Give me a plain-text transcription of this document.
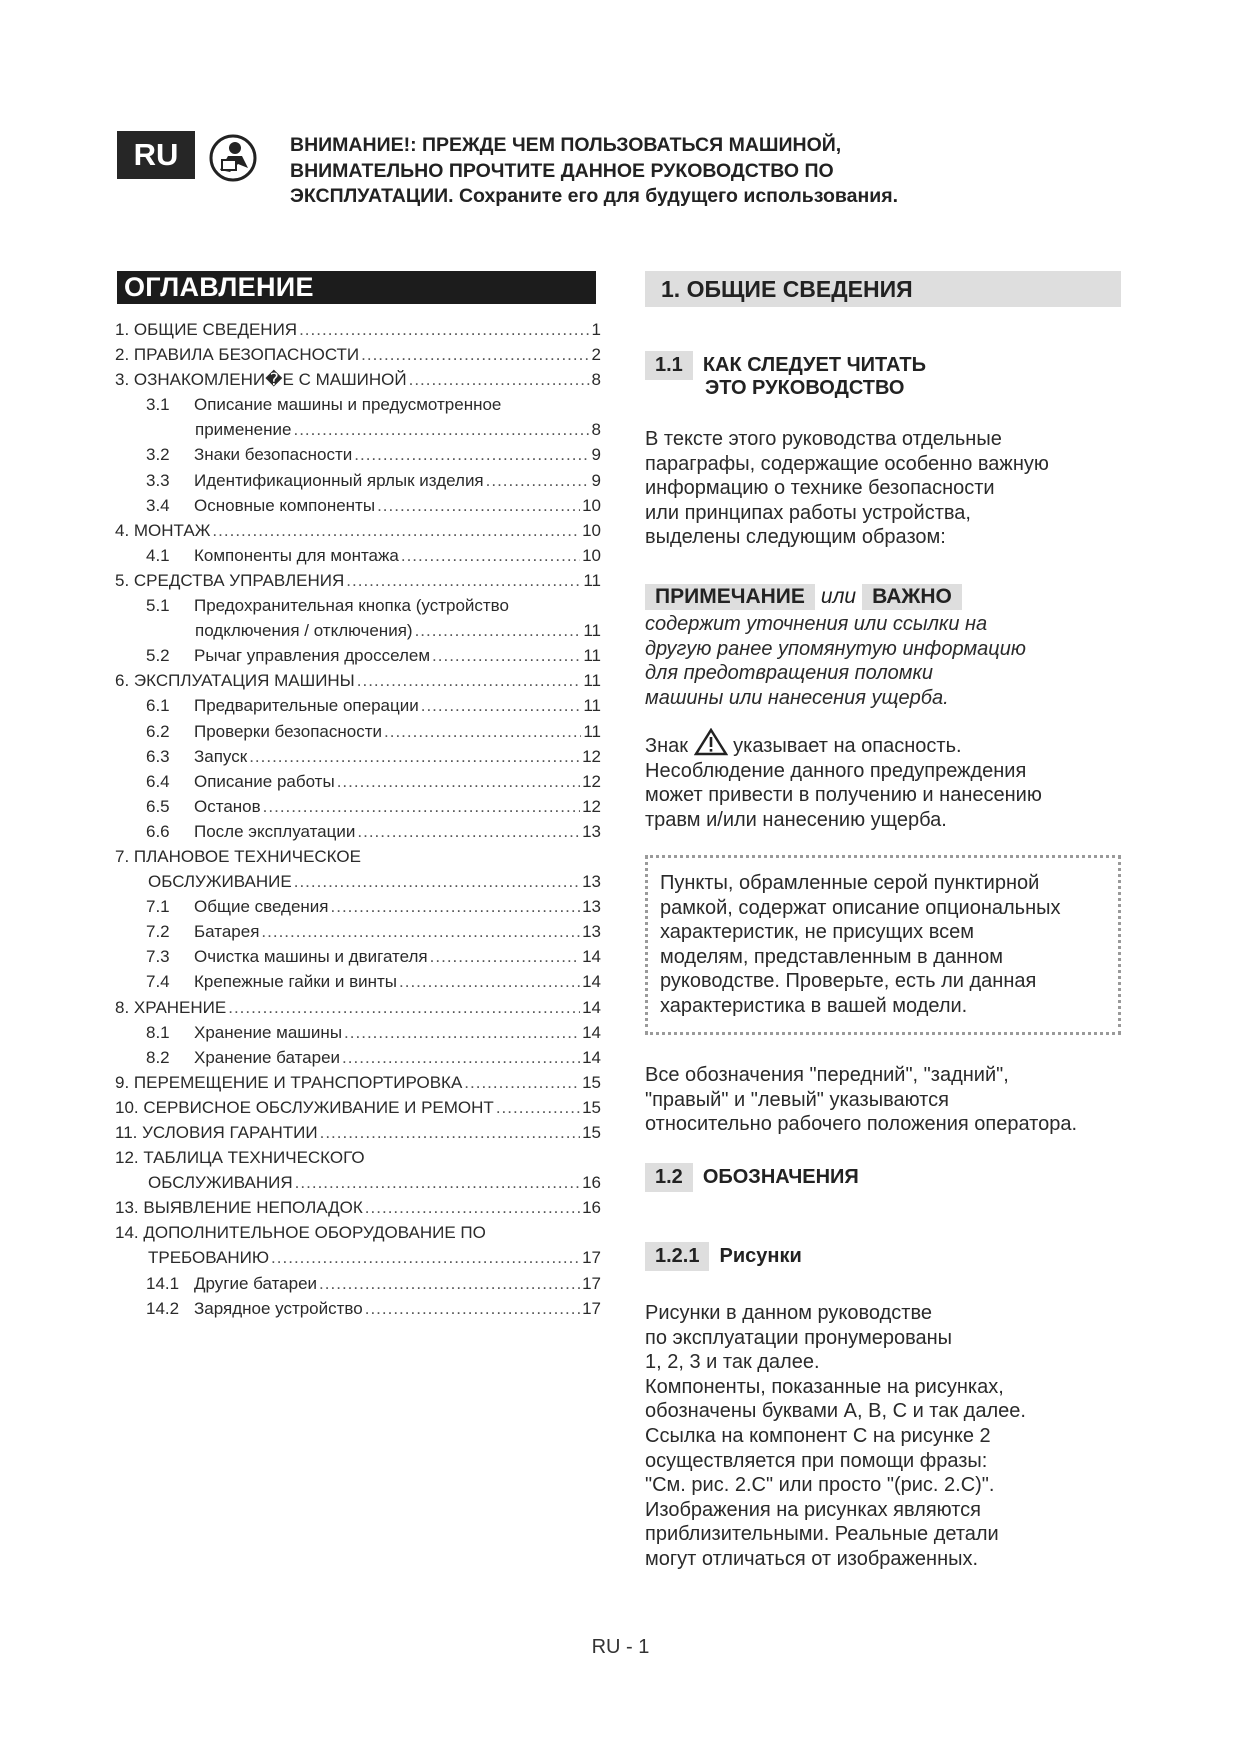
RU	ВНИМАНИЕ!: ПРЕЖДЕ ЧЕМ ПОЛЬЗОВАТЬСЯ МАШИНОЙ,
ВНИМАТЕЛЬНО ПРОЧТИТЕ ДАННОЕ РУКОВОДСТВО ПО
ЭКСПЛУАТАЦИИ. Сохраните его для будущего использования.
ОГЛАВЛЕНИЕ
1. ОБЩИЕ СВЕДЕНИЯ .....	1
2. ПРАВИЛА БЕЗОПАСНОСТИ .....	2
3. ОЗНАКОМЛЕНИ�Е С МАШИНОЙ .....	8
3.1 Описание машины и предусмотренное
применение .....	8
3.2 Знаки безопасности .....	9
3.3 Идентификационный ярлык изделия .....	9
3.4 Основные компоненты .....	10
4. МОНТАЖ .....	10
4.1 Компоненты для монтажа .....	10
5. СРЕДСТВА УПРАВЛЕНИЯ .....	11
5.1 Предохранительная кнопка (устройство
подключения / отключения) .....	11
5.2 Рычаг управления дросселем .....	11
6. ЭКСПЛУАТАЦИЯ МАШИНЫ .....	11
6.1 Предварительные операции .....	11
6.2 Проверки безопасности .....	11
6.3 Запуск .....	12
6.4 Описание работы .....	12
6.5 Останов .....	12
6.6 После эксплуатации .....	13
7. ПЛАНОВОЕ ТЕХНИЧЕСКОЕ
ОБСЛУЖИВАНИЕ .....	13
7.1 Общие сведения .....	13
7.2 Батарея .....	13
7.3 Очистка машины и двигателя .....	14
7.4 Крепежные гайки и винты .....	14
8. ХРАНЕНИЕ .....	14
8.1 Хранение машины .....	14
8.2 Хранение батареи .....	14
9. ПЕРЕМЕЩЕНИЕ И ТРАНСПОРТИРОВКА .....	15
10. СЕРВИСНОЕ ОБСЛУЖИВАНИЕ И РЕМОНТ .....	15
11. УСЛОВИЯ ГАРАНТИИ .....	15
12. ТАБЛИЦА ТЕХНИЧЕСКОГО
ОБСЛУЖИВАНИЯ .....	16
13. ВЫЯВЛЕНИЕ НЕПОЛАДОК .....	16
14. ДОПОЛНИТЕЛЬНОЕ ОБОРУДОВАНИЕ ПО
ТРЕБОВАНИЮ .....	17
14.1 Другие батареи .....	17
14.2 Зарядное устройство .....	17
1. ОБЩИЕ СВЕДЕНИЯ
1.1 КАК СЛЕДУЕТ ЧИТАТЬ
ЭТО РУКОВОДСТВО
В тексте этого руководства отдельные
параграфы, содержащие особенно важную
информацию о технике безопасности
или принципах работы устройства,
выделены следующим образом:
ПРИМЕЧАНИЕ или ВАЖНО
содержит уточнения или ссылки на
другую ранее упомянутую информацию
для предотвращения поломки
машины или нанесения ущерба.
Знак указывает на опасность.
Несоблюдение данного предупреждения
может привести в получению и нанесению
травм и/или нанесению ущерба.
Пункты, обрамленные серой пунктирной
рамкой, содержат описание опциональных
характеристик, не присущих всем
моделям, представленным в данном
руководстве. Проверьте, есть ли данная
характеристика в вашей модели.
Все обозначения "передний", "задний",
"правый" и "левый" указываются
относительно рабочего положения оператора.
1.2 ОБОЗНАЧЕНИЯ
1.2.1 Рисунки
Рисунки в данном руководстве
по эксплуатации пронумерованы
1, 2, 3 и так далее.
Компоненты, показанные на рисунках,
обозначены буквами A, B, C и так далее.
Ссылка на компонент C на рисунке 2
осуществляется при помощи фразы:
"См. рис. 2.C" или просто "(рис. 2.C)".
Изображения на рисунках являются
приблизительными. Реальные детали
могут отличаться от изображенных.
RU - 1
